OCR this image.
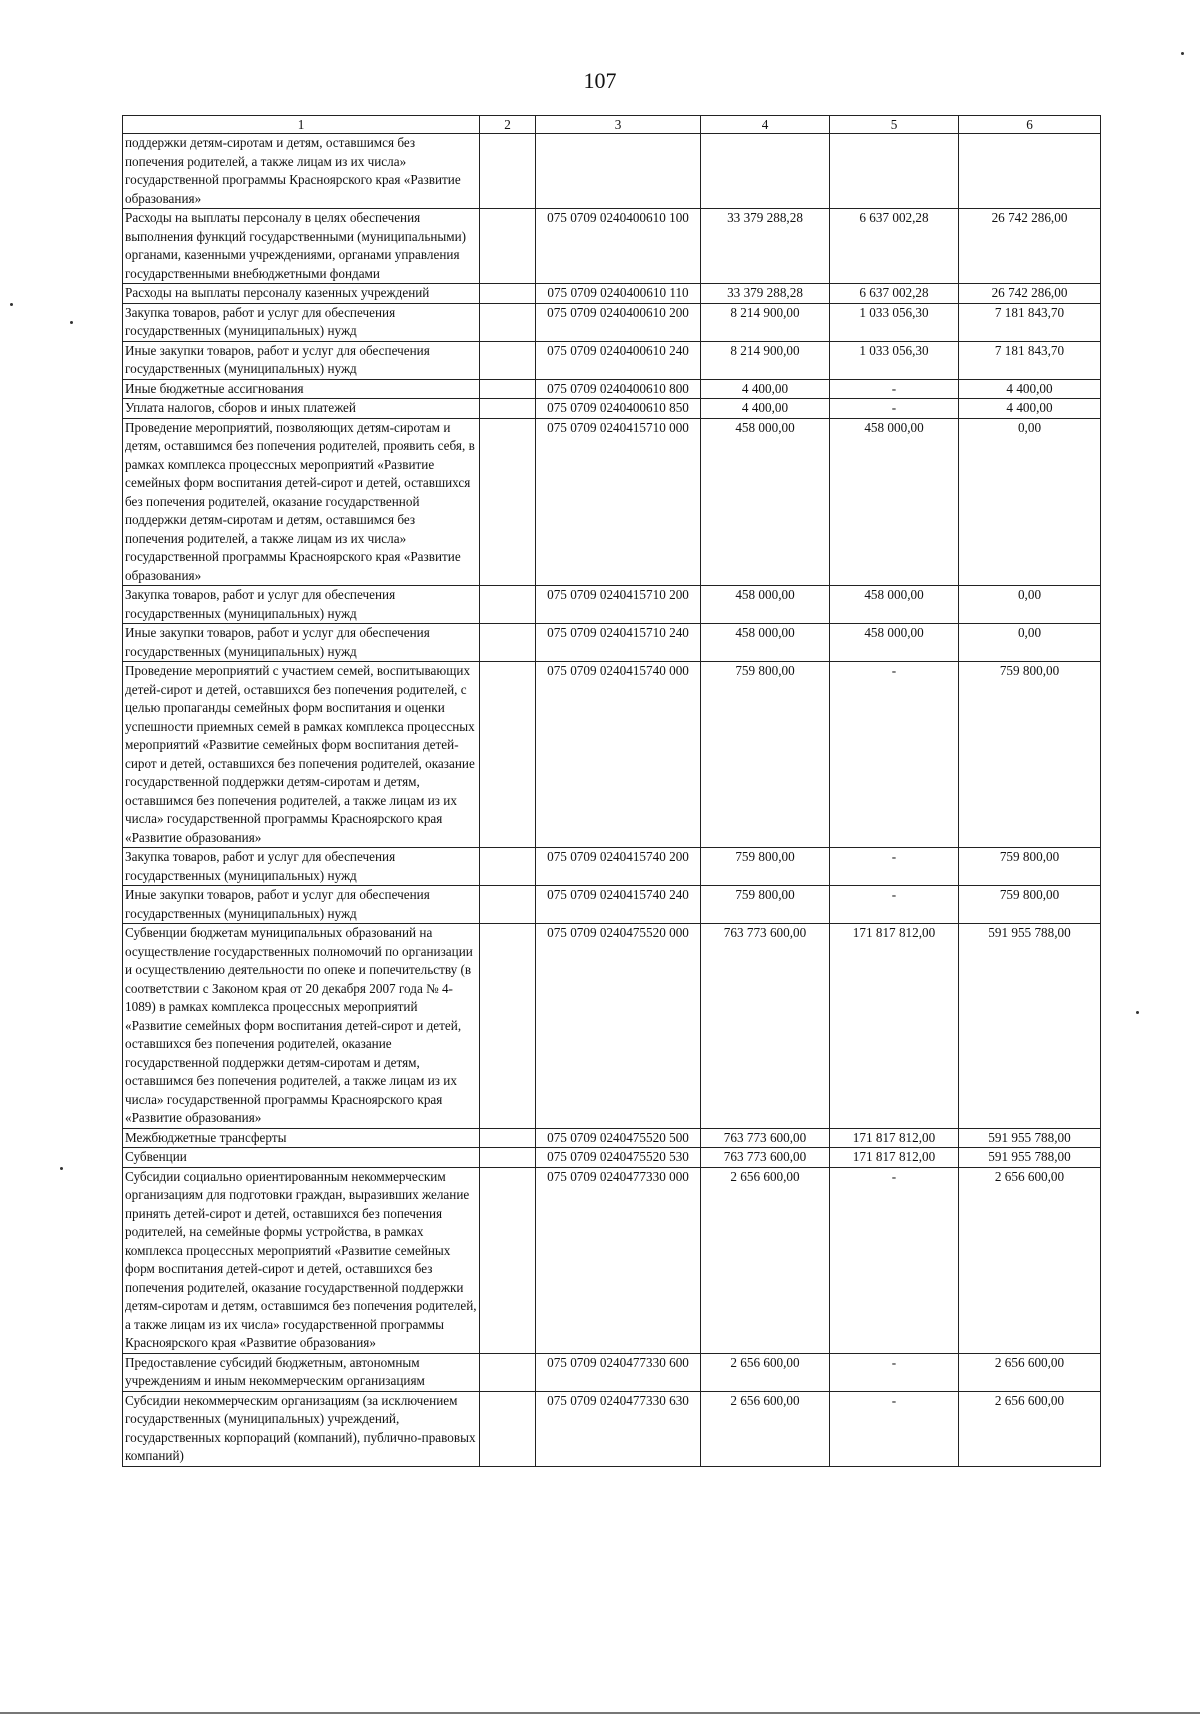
107
1	2	3	4	5	6
поддержки детям-сиротам и детям, оставшимся без попечения родителей, а также лицам из их числа» государственной программы Красноярского края «Развитие образования»					
Расходы на выплаты персоналу в целях обеспечения выполнения функций государственными (муниципальными) органами, казенными учреждениями, органами управления государственными внебюджетными фондами		075 0709 0240400610 100	33 379 288,28	6 637 002,28	26 742 286,00
Расходы на выплаты персоналу казенных учреждений		075 0709 0240400610 110	33 379 288,28	6 637 002,28	26 742 286,00
Закупка товаров, работ и услуг для обеспечения государственных (муниципальных) нужд		075 0709 0240400610 200	8 214 900,00	1 033 056,30	7 181 843,70
Иные закупки товаров, работ и услуг для обеспечения государственных (муниципальных) нужд		075 0709 0240400610 240	8 214 900,00	1 033 056,30	7 181 843,70
Иные бюджетные ассигнования		075 0709 0240400610 800	4 400,00	-	4 400,00
Уплата налогов, сборов и иных платежей		075 0709 0240400610 850	4 400,00	-	4 400,00
Проведение мероприятий, позволяющих детям-сиротам и детям, оставшимся без попечения родителей, проявить себя, в рамках комплекса процессных мероприятий «Развитие семейных форм воспитания детей-сирот и детей, оставшихся без попечения родителей, оказание государственной поддержки детям-сиротам и детям, оставшимся без попечения родителей, а также лицам из их числа» государственной программы Красноярского края «Развитие образования»		075 0709 0240415710 000	458 000,00	458 000,00	0,00
Закупка товаров, работ и услуг для обеспечения государственных (муниципальных) нужд		075 0709 0240415710 200	458 000,00	458 000,00	0,00
Иные закупки товаров, работ и услуг для обеспечения государственных (муниципальных) нужд		075 0709 0240415710 240	458 000,00	458 000,00	0,00
Проведение мероприятий с участием семей, воспитывающих детей-сирот и детей, оставшихся без попечения родителей, с целью пропаганды семейных форм воспитания и оценки успешности приемных семей в рамках комплекса процессных мероприятий «Развитие семейных форм воспитания детей-сирот и детей, оставшихся без попечения родителей, оказание государственной поддержки детям-сиротам и детям, оставшимся без попечения родителей, а также лицам из их числа» государственной программы Красноярского края «Развитие образования»		075 0709 0240415740 000	759 800,00	-	759 800,00
Закупка товаров, работ и услуг для обеспечения государственных (муниципальных) нужд		075 0709 0240415740 200	759 800,00	-	759 800,00
Иные закупки товаров, работ и услуг для обеспечения государственных (муниципальных) нужд		075 0709 0240415740 240	759 800,00	-	759 800,00
Субвенции бюджетам муниципальных образований на осуществление государственных полномочий по организации и осуществлению деятельности по опеке и попечительству (в соответствии с Законом края от 20 декабря 2007 года № 4-1089) в рамках комплекса процессных мероприятий «Развитие семейных форм воспитания детей-сирот и детей, оставшихся без попечения родителей, оказание государственной поддержки детям-сиротам и детям, оставшимся без попечения родителей, а также лицам из их числа» государственной программы Красноярского края «Развитие образования»		075 0709 0240475520 000	763 773 600,00	171 817 812,00	591 955 788,00
Межбюджетные трансферты		075 0709 0240475520 500	763 773 600,00	171 817 812,00	591 955 788,00
Субвенции		075 0709 0240475520 530	763 773 600,00	171 817 812,00	591 955 788,00
Субсидии социально ориентированным некоммерческим организациям для подготовки граждан, выразивших желание принять детей-сирот и детей, оставшихся без попечения родителей, на семейные формы устройства, в рамках комплекса процессных мероприятий «Развитие семейных форм воспитания детей-сирот и детей, оставшихся без попечения родителей, оказание государственной поддержки детям-сиротам и детям, оставшимся без попечения родителей, а также лицам из их числа» государственной программы Красноярского края «Развитие образования»		075 0709 0240477330 000	2 656 600,00	-	2 656 600,00
Предоставление субсидий бюджетным, автономным учреждениям и иным некоммерческим организациям		075 0709 0240477330 600	2 656 600,00	-	2 656 600,00
Субсидии некоммерческим организациям (за исключением государственных (муниципальных) учреждений, государственных корпораций (компаний), публично-правовых компаний)		075 0709 0240477330 630	2 656 600,00	-	2 656 600,00
